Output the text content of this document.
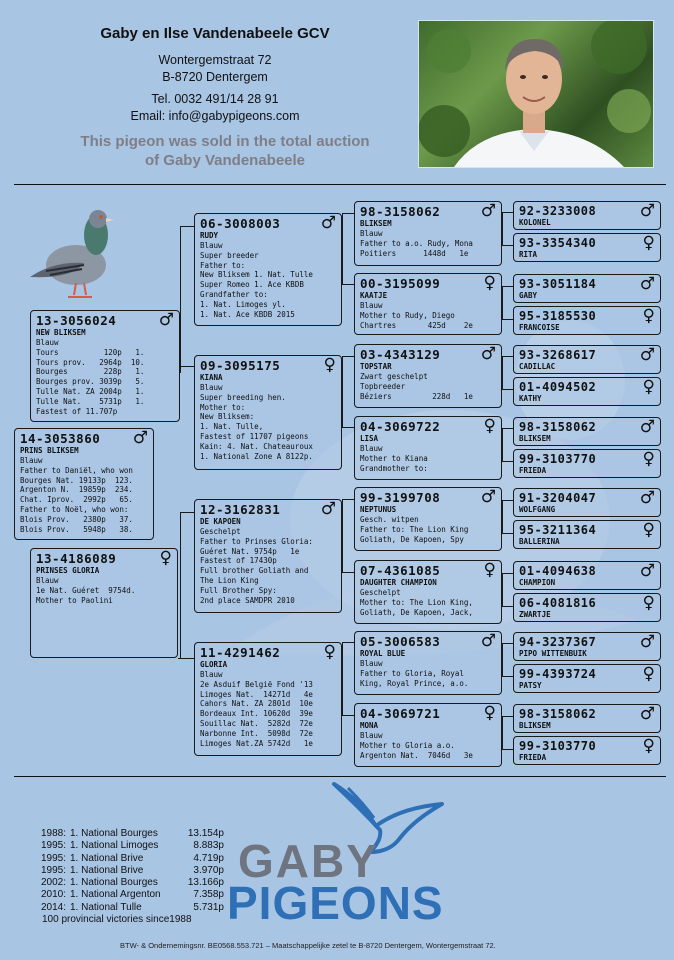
Gaby en Ilse Vandenabeele GCV
Wontergemstraat 72
B-8720 Dentergem
Tel. 0032 491/14 28 91
Email: info@gabypigeons.com
This pigeon was sold in the total auction
of Gaby Vandenabeele
13-3056024	♂
NEW BLIKSEM
Blauw
Tours          120p   1.
Tours prov.   2964p  10.
Bourges        228p   1.
Bourges prov. 3039p   5.
Tulle Nat. ZA 2004p   1.
Tulle Nat.    5731p   1.
Fastest of 11.707p
14-3053860	♂
PRINS BLIKSEM
Blauw
Father to Daniël, who won
Bourges Nat. 19133p  123.
Argenton N.  19859p  234.
Chat. Iprov.  2992p   65.
Father to Noël, who won:
Blois Prov.   2380p   37.
Blois Prov.   5948p   38.
13-4186089	♀
PRINSES GLORIA
Blauw
1e Nat. Guéret  9754d.
Mother to Paolini
06-3008003	♂
RUDY
Blauw
Super breeder
Father to:
New Bliksem 1. Nat. Tulle
Super Romeo 1. Ace KBDB
Grandfather to:
1. Nat. Limoges yl.
1. Nat. Ace KBDB 2015
09-3095175	♀
KIANA
Blauw
Super breeding hen.
Mother to:
New Bliksem:
1. Nat. Tulle,
Fastest of 11707 pigeons
Kain: 4. Nat. Chateauroux
1. National Zone A 8122p.
12-3162831	♂
DE KAPOEN
Geschelpt
Father to Prinses Gloria:
Guéret Nat. 9754p   1e
Fastest of 17430p
Full brother Goliath and
The Lion King
Full Brother Spy:
2nd place SAMDPR 2010
11-4291462	♀
GLORIA
Blauw
2e Asduif België Fond '13
Limoges Nat.  14271d   4e
Cahors Nat. ZA 2801d  10e
Bordeaux Int. 10620d  39e
Souillac Nat.  5282d  72e
Narbonne Int.  5098d  72e
Limoges Nat.ZA 5742d   1e
98-3158062	♂
BLIKSEM
Blauw
Father to a.o. Rudy, Mona
Poitiers      1448d   1e
00-3195099	♀
KAATJE
Blauw
Mother to Rudy, Diego
Chartres       425d    2e
03-4343129	♂
TOPSTAR
Zwart geschelpt
Topbreeder
Béziers         228d   1e
04-3069722	♀
LISA
Blauw
Mother to Kiana
Grandmother to:
99-3199708	♂
NEPTUNUS
Gesch. witpen
Father to: The Lion King
Goliath, De Kapoen, Spy
07-4361085	♀
DAUGHTER CHAMPION
Geschelpt
Mother to: The Lion King,
Goliath, De Kapoen, Jack,
05-3006583	♂
ROYAL BLUE
Blauw
Father to Gloria, Royal
King, Royal Prince, a.o.
04-3069721	♀
MONA
Blauw
Mother to Gloria a.o.
Argenton Nat.  7046d   3e
92-3233008	♂
KOLONEL
93-3354340	♀
RITA
93-3051184	♂
GABY
95-3185530	♀
FRANCOISE
93-3268617	♂
CADILLAC
01-4094502	♀
KATHY
98-3158062	♂
BLIKSEM
99-3103770	♀
FRIEDA
91-3204047	♂
WOLFGANG
95-3211364	♀
BALLERINA
01-4094638	♂
CHAMPION
06-4081816	♀
ZWARTJE
94-3237367	♂
PIPO WITTENBUIK
99-4393724	♀
PATSY
98-3158062	♂
BLIKSEM
99-3103770	♀
FRIEDA
1988: 1. National Bourges	13.154p
1995: 1. National Limoges	8.883p
1995: 1. National Brive	4.719p
1995: 1. National Brive	3.970p
2002: 1. National Bourges	13.166p
2010: 1. National Argenton	7.358p
2014: 1. National Tulle	5.731p
100 provincial victories since1988
GABY
PIGEONS
BTW- & Ondernemingsnr. BE0568.553.721 – Maatschappelijke zetel te B-8720 Dentergem, Wontergemstraat 72.
